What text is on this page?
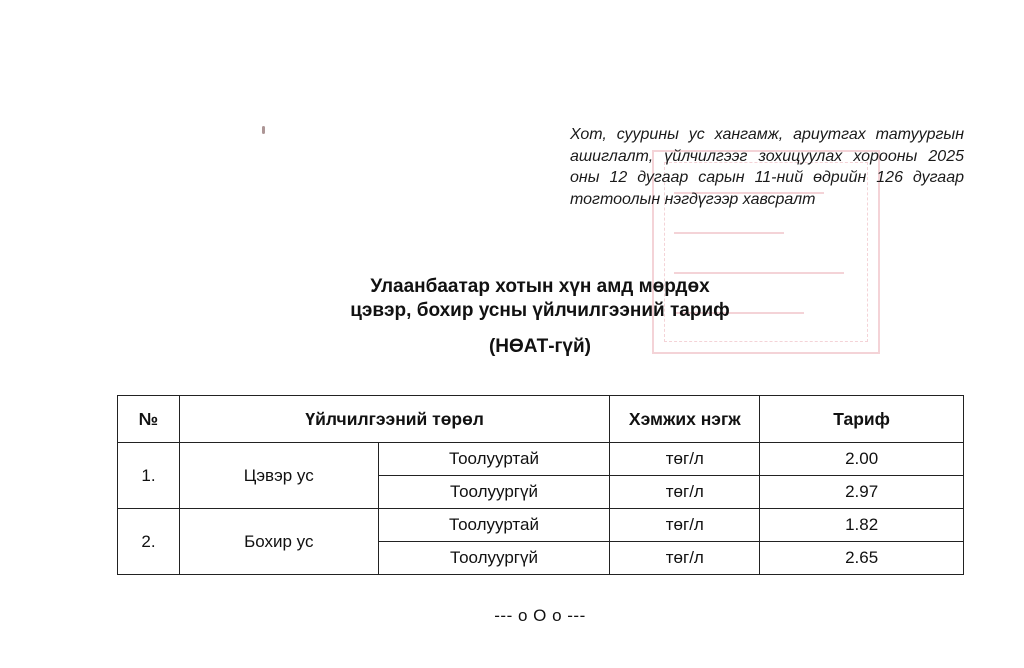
Хот, суурины ус хангамж, ариутгах татуургын ашиглалт, үйлчилгээг зохицуулах хорооны 2025 оны 12 дугаар сарын 11-ний өдрийн 126 дугаар тогтоолын нэгдүгээр хавсралт
Улаанбаатар хотын хүн амд мөрдөх
цэвэр, бохир усны үйлчилгээний тариф
(НӨАТ-гүй)
№	Үйлчилгээний төрөл		Хэмжих нэгж	Тариф
1.	Цэвэр ус	Тоолууртай	төг/л	2.00
		Тоолуургүй	төг/л	2.97
2.	Бохир ус	Тоолууртай	төг/л	1.82
		Тоолуургүй	төг/л	2.65
--- o O o ---
